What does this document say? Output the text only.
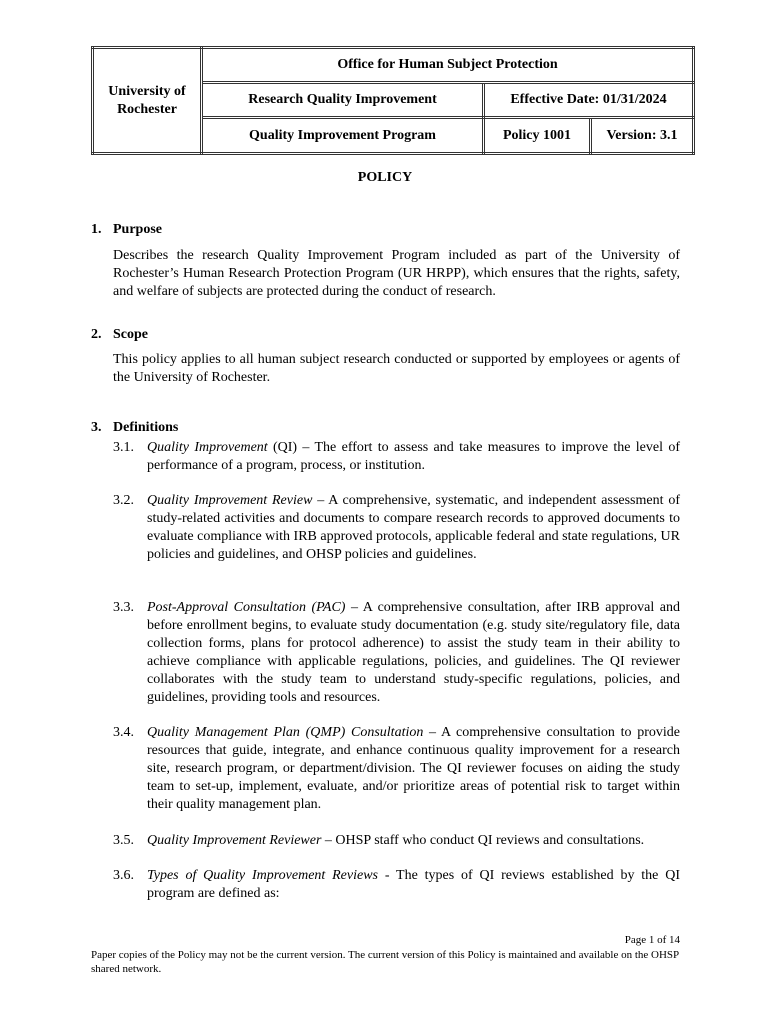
University of Rochester	Office for Human Subject Protection		
	Research Quality Improvement	Effective Date: 01/31/2024	
	Quality Improvement Program	Policy 1001	Version: 3.1
POLICY
1. Purpose
Describes the research Quality Improvement Program included as part of the University of Rochester’s Human Research Protection Program (UR HRPP), which ensures that the rights, safety, and welfare of subjects are protected during the conduct of research.
2. Scope
This policy applies to all human subject research conducted or supported by employees or agents of the University of Rochester.
3. Definitions
3.1. Quality Improvement (QI) – The effort to assess and take measures to improve the level of performance of a program, process, or institution.
3.2. Quality Improvement Review – A comprehensive, systematic, and independent assessment of study-related activities and documents to compare research records to approved documents to evaluate compliance with IRB approved protocols, applicable federal and state regulations, UR policies and guidelines, and OHSP policies and guidelines.
3.3. Post-Approval Consultation (PAC) – A comprehensive consultation, after IRB approval and before enrollment begins, to evaluate study documentation (e.g. study site/regulatory file, data collection forms, plans for protocol adherence) to assist the study team in their ability to achieve compliance with applicable regulations, policies, and guidelines. The QI reviewer collaborates with the study team to understand study-specific regulations, policies, and guidelines, providing tools and resources.
3.4. Quality Management Plan (QMP) Consultation – A comprehensive consultation to provide resources that guide, integrate, and enhance continuous quality improvement for a research site, research program, or department/division. The QI reviewer focuses on aiding the study team to set-up, implement, evaluate, and/or prioritize areas of potential risk to target within their quality management plan.
3.5. Quality Improvement Reviewer – OHSP staff who conduct QI reviews and consultations.
3.6. Types of Quality Improvement Reviews - The types of QI reviews established by the QI program are defined as:
Page 1 of 14
Paper copies of the Policy may not be the current version. The current version of this Policy is maintained and available on the OHSP shared network.
